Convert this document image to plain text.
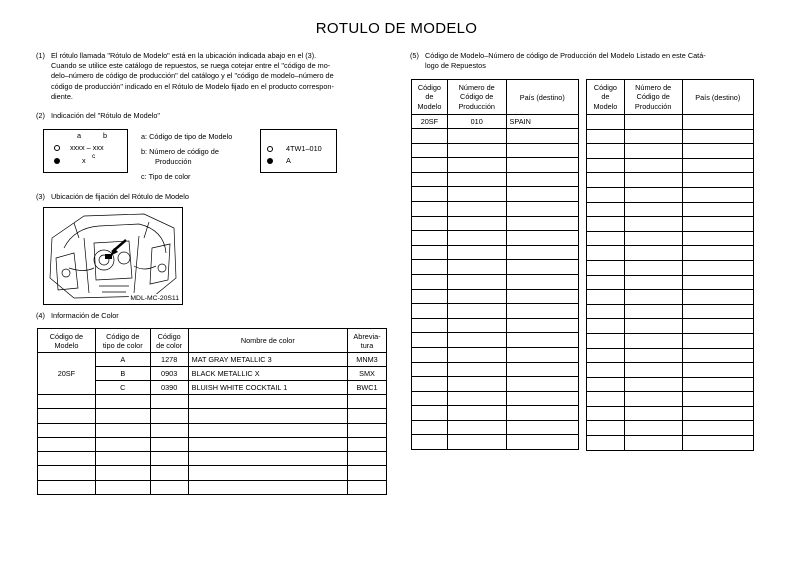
ROTULO DE MODELO
(1) El rótulo llamada "Rótulo de Modelo" está en la ubicación indicada abajo en el (3).
Cuando se utilice este catálogo de repuestos, se ruega cotejar entre el "código de mo-
delo–número de código de producción" del catálogo y el "código de modelo–número de
código de producción" indicado en el Rótulo de Modelo fijado en el producto correspon-
diente.
(2) Indicación del "Rótulo de Modelo"
a	b
xxxx – xxx
x c
a: Código de tipo de Modelo
b: Número de código de
Producción
c: Tipo de color
4TW1–010
A
(3) Ubicación de fijación del Rótulo de Modelo
MDL-MC-20S11
(4) Información de Color
Código de
Modelo	Código de
tipo de color	Código
de color	Nombre de color	Abrevia-
tura

20SF	A	1278	MAT GRAY METALLIC 3	MNM3
	B	0903	BLACK METALLIC X	SMX
	C	0390	BLUISH WHITE COCKTAIL 1	BWC1

(5) Código de Modelo–Número de código de Producción del Modelo Listado en este Catá-
logo de Repuestos
Código
de
Modelo	Número de
Código de
Producción	País (destino)
20SF	010	SPAIN

Código
de
Modelo	Número de
Código de
Producción	País (destino)
